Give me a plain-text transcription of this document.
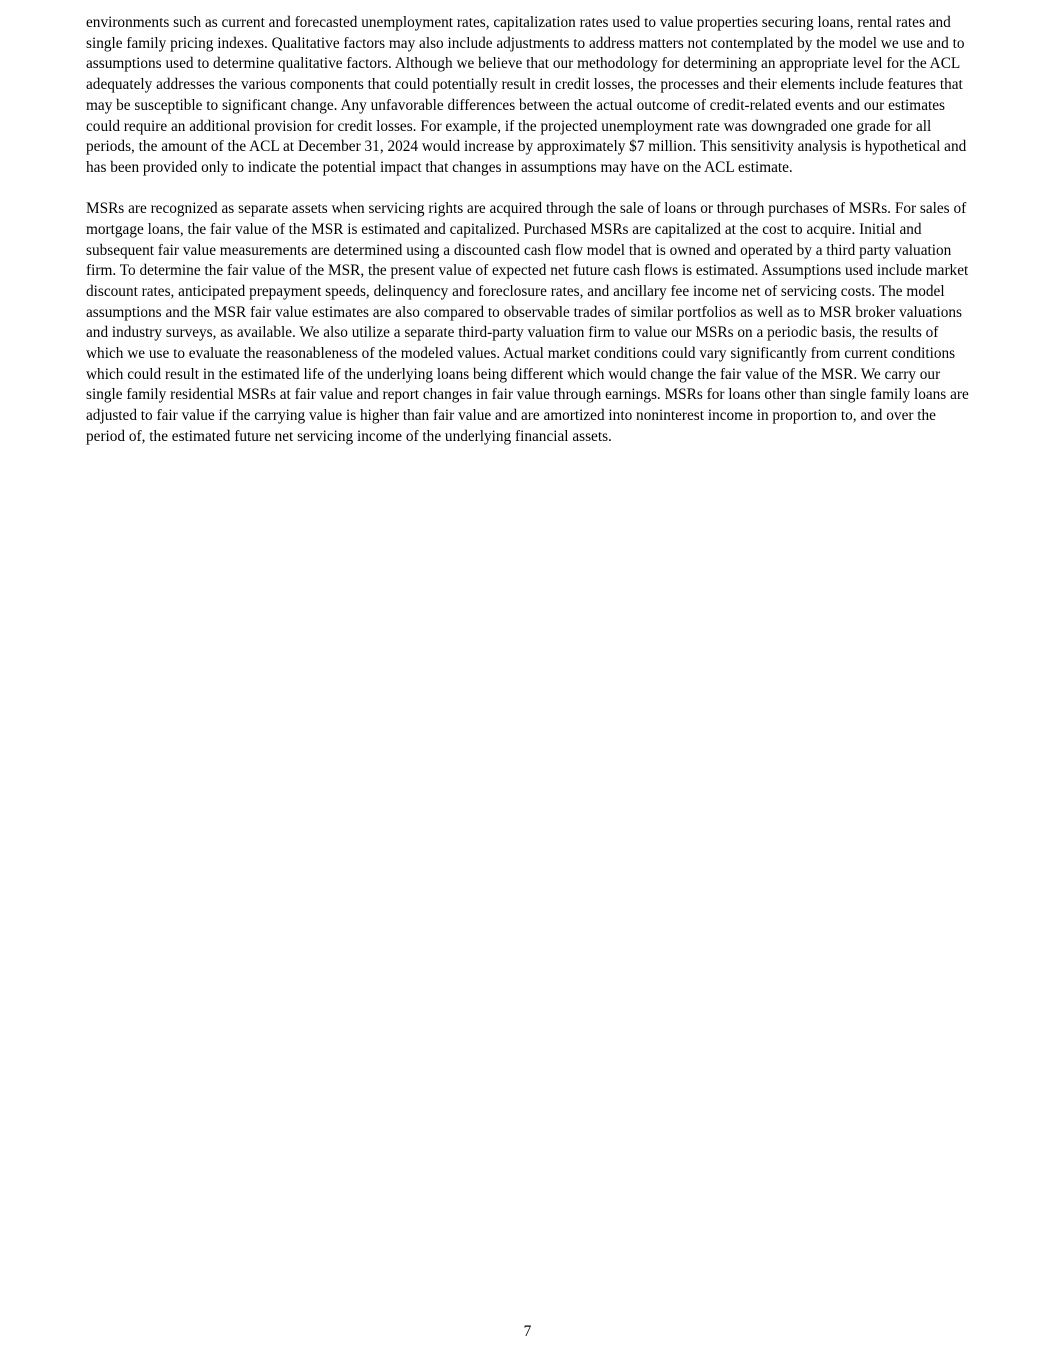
environments such as current and forecasted unemployment rates, capitalization rates used to value properties securing loans, rental rates and single family pricing indexes. Qualitative factors may also include adjustments to address matters not contemplated by the model we use and to assumptions used to determine qualitative factors. Although we believe that our methodology for determining an appropriate level for the ACL adequately addresses the various components that could potentially result in credit losses, the processes and their elements include features that may be susceptible to significant change. Any unfavorable differences between the actual outcome of credit-related events and our estimates could require an additional provision for credit losses. For example, if the projected unemployment rate was downgraded one grade for all periods, the amount of the ACL at December 31, 2024 would increase by approximately $7 million. This sensitivity analysis is hypothetical and has been provided only to indicate the potential impact that changes in assumptions may have on the ACL estimate.

MSRs are recognized as separate assets when servicing rights are acquired through the sale of loans or through purchases of MSRs. For sales of mortgage loans, the fair value of the MSR is estimated and capitalized. Purchased MSRs are capitalized at the cost to acquire. Initial and subsequent fair value measurements are determined using a discounted cash flow model that is owned and operated by a third party valuation firm. To determine the fair value of the MSR, the present value of expected net future cash flows is estimated. Assumptions used include market discount rates, anticipated prepayment speeds, delinquency and foreclosure rates, and ancillary fee income net of servicing costs. The model assumptions and the MSR fair value estimates are also compared to observable trades of similar portfolios as well as to MSR broker valuations and industry surveys, as available. We also utilize a separate third-party valuation firm to value our MSRs on a periodic basis, the results of which we use to evaluate the reasonableness of the modeled values. Actual market conditions could vary significantly from current conditions which could result in the estimated life of the underlying loans being different which would change the fair value of the MSR. We carry our single family residential MSRs at fair value and report changes in fair value through earnings. MSRs for loans other than single family loans are adjusted to fair value if the carrying value is higher than fair value and are amortized into noninterest income in proportion to, and over the period of, the estimated future net servicing income of the underlying financial assets.

7
